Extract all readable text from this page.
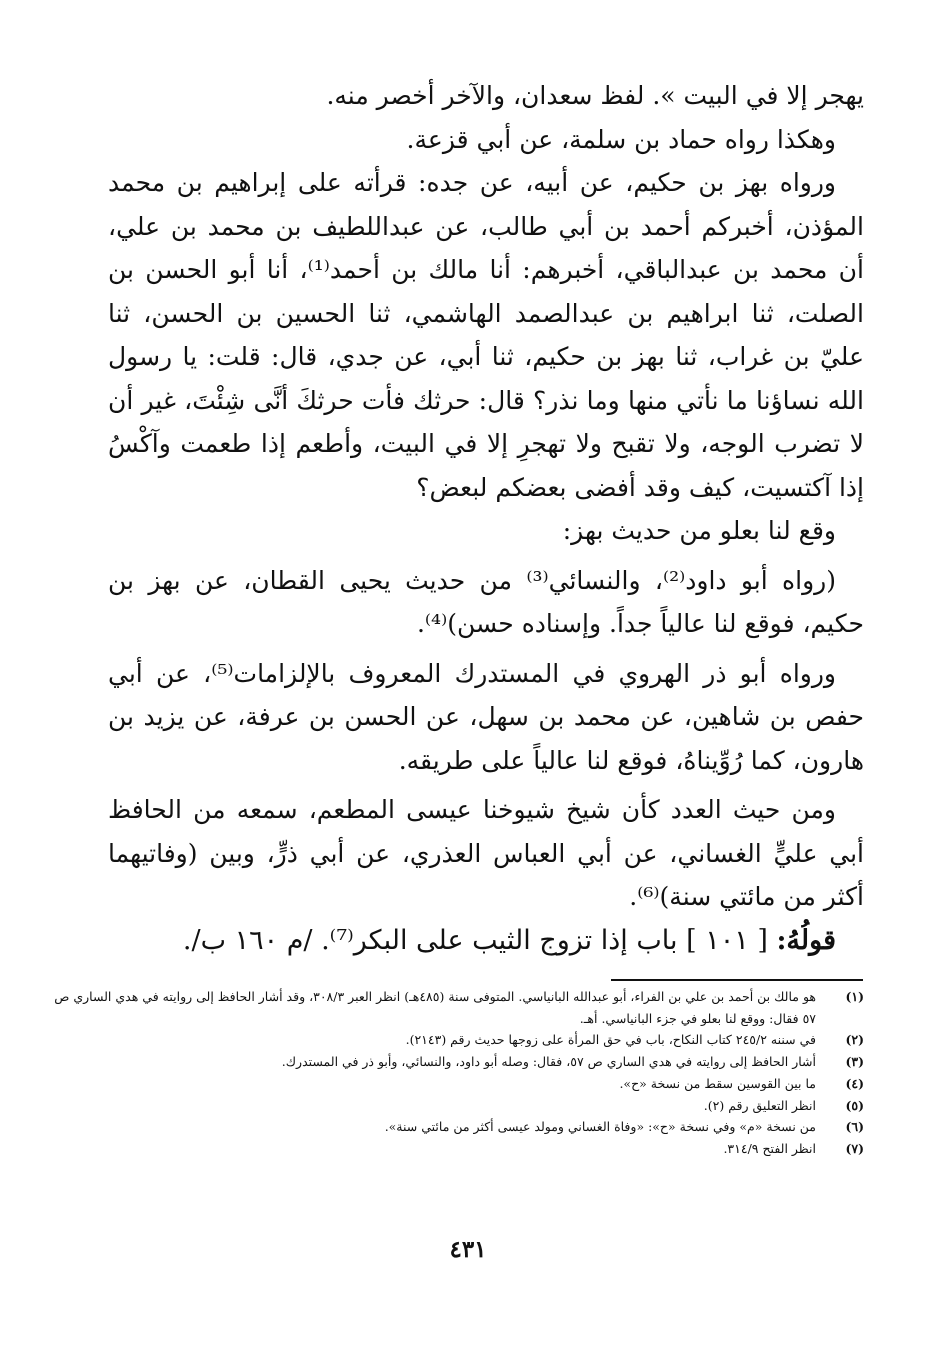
يهجر إلا في البيت ». لفظ سعدان، والآخر أخصر منه.

وهكذا رواه حماد بن سلمة، عن أبي قزعة.

ورواه بهز بن حكيم، عن أبيه، عن جده: قرأته على إبراهيم بن محمد المؤذن، أخبركم أحمد بن أبي طالب، عن عبداللطيف بن محمد بن علي، أن محمد بن عبدالباقي، أخبرهم: أنا مالك بن أحمد⁽¹⁾، أنا أبو الحسن بن الصلت، ثنا ابراهيم بن عبدالصمد الهاشمي، ثنا الحسين بن الحسن، ثنا عليّ بن غراب، ثنا بهز بن حكيم، ثنا أبي، عن جدي، قال: قلت: يا رسول الله نساؤنا ما نأتي منها وما نذر؟ قال: حرثك فأت حرثكَ أنَّى شِئْتَ، غير أن لا تضرب الوجه، ولا تقبح ولا تهجرِ إلا في البيت، وأطعم إذا طعمت وآكْسُ إذا آكتسيت، كيف وقد أفضى بعضكم لبعض؟

وقع لنا بعلو من حديث بهز:

(رواه أبو داود⁽²⁾، والنسائي⁽³⁾ من حديث يحيى القطان، عن بهز بن حكيم، فوقع لنا عالياً جداً. وإسناده حسن)⁽⁴⁾.

ورواه أبو ذر الهروي في المستدرك المعروف بالإلزامات⁽⁵⁾، عن أبي حفص بن شاهين، عن محمد بن سهل، عن الحسن بن عرفة، عن يزيد بن هارون، كما رُوِّيناهُ، فوقع لنا عالياً على طريقه.

ومن حيث العدد كأن شيخ شيوخنا عيسى المطعم، سمعه من الحافظ أبي عليٍّ الغساني، عن أبي العباس العذري، عن أبي ذرٍّ، وبين (وفاتيهما أكثر من مائتي سنة)⁽⁶⁾.

قولُهُ: [ ١٠١ ] باب إذا تزوج الثيب على البكر⁽⁷⁾. /م ١٦٠ ب/.

(١)
هو مالك بن أحمد بن علي بن الفراء، أبو عبدالله البانياسي. المتوفى سنة (٤٨٥هـ) انظر العبر ٣٠٨/٣، وقد أشار الحافظ إلى روايته في هدي الساري ص ٥٧ فقال: ووقع لنا بعلو في جزء البانياسي. أهـ.
(٢)
في سننه ٢٤٥/٢ كتاب النكاح، باب في حق المرأة على زوجها حديث رقم (٢١٤٣).
(٣)
أشار الحافظ إلى روايته في هدي الساري ص ٥٧، فقال: وصله أبو داود، والنسائي، وأبو ذر في المستدرك.
(٤)
ما بين القوسين سقط من نسخة «ح».
(٥)
انظر التعليق رقم (٢).
(٦)
من نسخة «م» وفي نسخة «ح»: «وفاة الغساني ومولد عيسى أكثر من مائتي سنة».
(٧)
انظر الفتح ٣١٤/٩.
٤٣١
